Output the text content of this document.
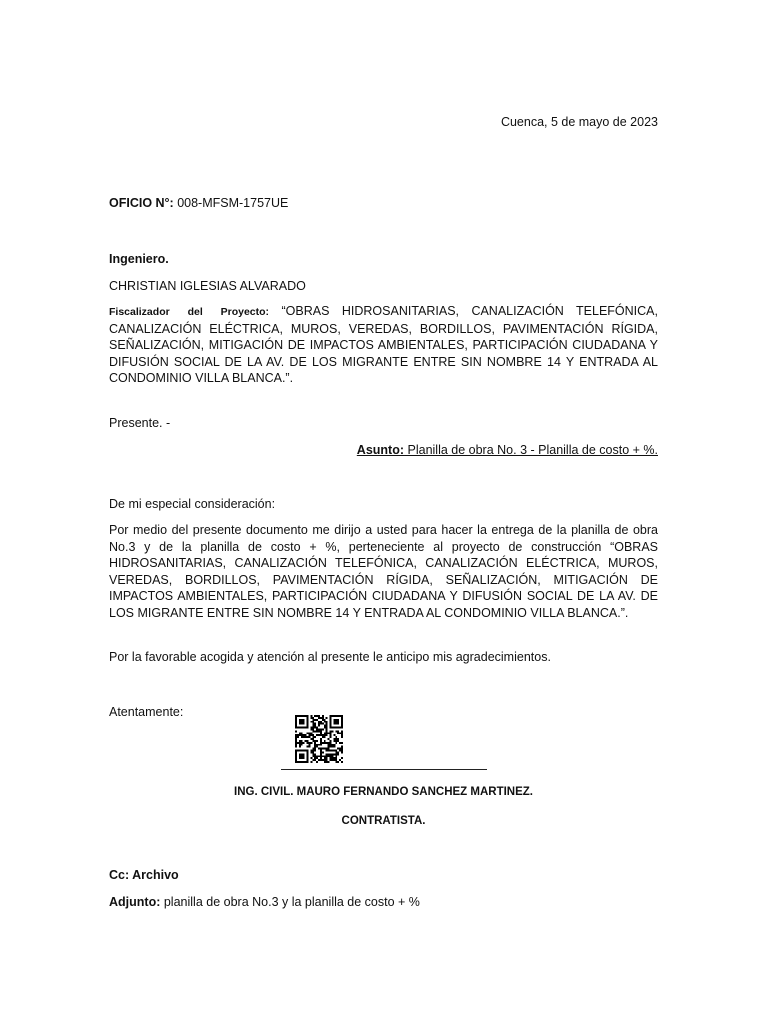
Cuenca, 5 de mayo de 2023
OFICIO N°: 008-MFSM-1757UE
Ingeniero.
CHRISTIAN IGLESIAS ALVARADO
Fiscalizador del Proyecto: “OBRAS HIDROSANITARIAS, CANALIZACIÓN TELEFÓNICA, CANALIZACIÓN ELÉCTRICA, MUROS, VEREDAS, BORDILLOS, PAVIMENTACIÓN RÍGIDA, SEÑALIZACIÓN, MITIGACIÓN DE IMPACTOS AMBIENTALES, PARTICIPACIÓN CIUDADANA Y DIFUSIÓN SOCIAL DE LA AV. DE LOS MIGRANTE ENTRE SIN NOMBRE 14 Y ENTRADA AL CONDOMINIO VILLA BLANCA.”.
Presente. -
Asunto: Planilla de obra No. 3 - Planilla de costo + %.
De mi especial consideración:
Por medio del presente documento me dirijo a usted para hacer la entrega de la planilla de obra No.3 y de la planilla de costo + %, perteneciente al proyecto de construcción “OBRAS HIDROSANITARIAS, CANALIZACIÓN TELEFÓNICA, CANALIZACIÓN ELÉCTRICA, MUROS, VEREDAS, BORDILLOS, PAVIMENTACIÓN RÍGIDA, SEÑALIZACIÓN, MITIGACIÓN DE IMPACTOS AMBIENTALES, PARTICIPACIÓN CIUDADANA Y DIFUSIÓN SOCIAL DE LA AV. DE LOS MIGRANTE ENTRE SIN NOMBRE 14 Y ENTRADA AL CONDOMINIO VILLA BLANCA.”.
Por la favorable acogida y atención al presente le anticipo mis agradecimientos.
Atentamente:
ING. CIVIL. MAURO FERNANDO SANCHEZ MARTINEZ.
CONTRATISTA.
Cc: Archivo
Adjunto: planilla de obra No.3 y la planilla de costo + %
